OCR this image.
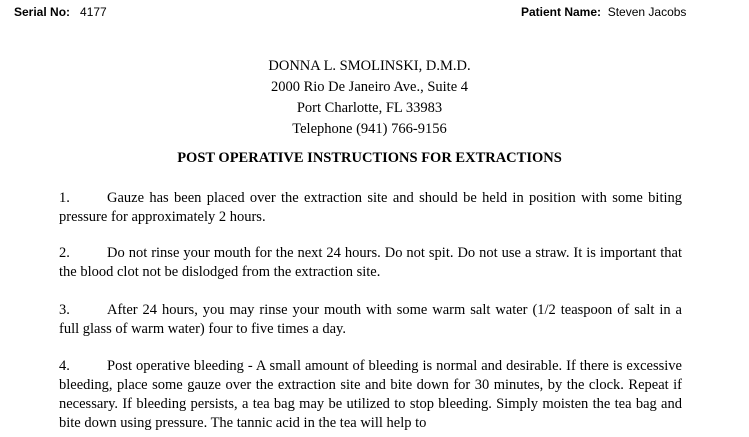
Serial No: 4177	Patient Name: Steven Jacobs
DONNA L. SMOLINSKI, D.M.D.
2000 Rio De Janeiro Ave., Suite 4
Port Charlotte, FL 33983
Telephone (941) 766-9156
POST OPERATIVE INSTRUCTIONS FOR EXTRACTIONS
1.	Gauze has been placed over the extraction site and should be held in position with some biting pressure for approximately 2 hours.
2.	Do not rinse your mouth for the next 24 hours. Do not spit. Do not use a straw. It is important that the blood clot not be dislodged from the extraction site.
3.	After 24 hours, you may rinse your mouth with some warm salt water (1/2 teaspoon of salt in a full glass of warm water) four to five times a day.
4.	Post operative bleeding - A small amount of bleeding is normal and desirable. If there is excessive bleeding, place some gauze over the extraction site and bite down for 30 minutes, by the clock. Repeat if necessary. If bleeding persists, a tea bag may be utilized to stop bleeding. Simply moisten the tea bag and bite down using pressure. The tannic acid in the tea will help to
